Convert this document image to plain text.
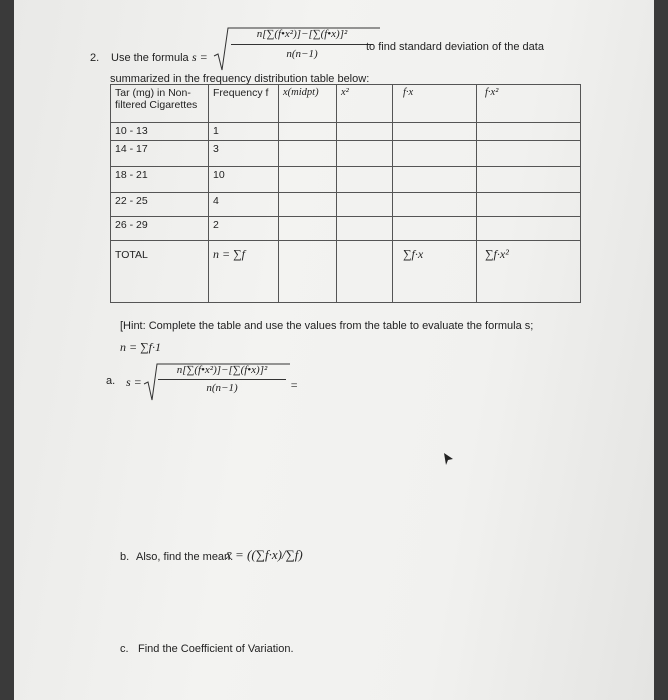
2. Use the formula $s = \frac{\text{n[∑(f•x²)]−[∑(f•x)]²}}{n(n-1)}$
to find standard deviation of the data
summarized in the frequency distribution table below:
Tar (mg) in Non-filtered Cigarettes	Frequency f	x(midpt)	x²	f·x	f·x²
10 - 13	1				
14 - 17	3				
18 - 21	10				
22 - 25	4				
26 - 29	2				
TOTAL	n = ∑f			∑f·x	∑f·x²
[Hint: Complete the table and use the values from the table to evaluate the formula s;
n = ∑f·1
a. $s = \frac{\text{n[∑(f•x²)]−[∑(f•x)]²}}{n(n-1)}$ =
b. Also, find the mean.
x̄ = ((∑f·x)/∑f)
c. Find the Coefficient of Variation.
